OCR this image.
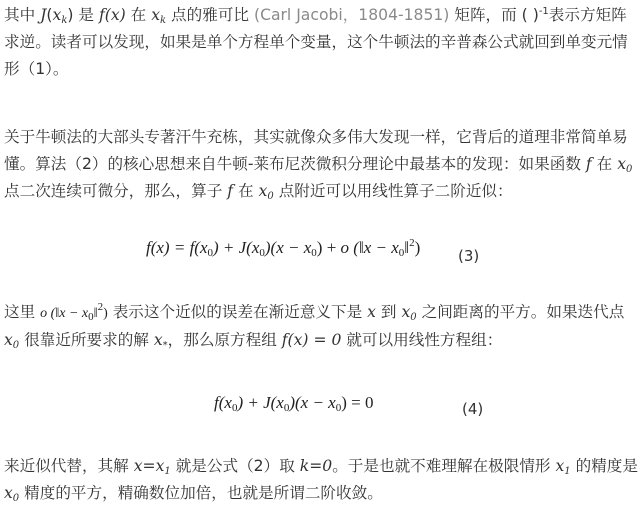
其中 $J(x_k)$ 是 f(x) 在 $x_k$ 点的雅可比 (Carl Jacobi，1804-1851) 矩阵，而 ( )$^{-1}$表示方矩阵求逆。读者可以发现，如果是单个方程单个变量，这个牛顿法的辛普森公式就回到单变元情形（1）。
关于牛顿法的大部头专著汗牛充栋，其实就像众多伟大发现一样，它背后的道理非常简单易懂。算法（2）的核心思想来自牛顿-莱布尼茨微积分理论中最基本的发现：如果函数 f 在 $x_0$ 点二次连续可微分，那么，算子 f 在 $x_0$ 点附近可以用线性算子二阶近似：
$f(x) = f(x_0) + J(x_0)(x - x_0) + o$ (‖x − $x_0‖^2$)	(3)
这里 o (‖x − $x_0‖^2$) 表示这个近似的误差在渐近意义下是 x 到 $x_0$ 之间距离的平方。如果迭代点 $x_0$ 很靠近所要求的解 $x_*$，那么原方程组 f(x) = 0 就可以用线性方程组：
$f(x_0) + J(x_0)(x - x_0) = 0$	(4)
来近似代替，其解 $x=x_1$ 就是公式（2）取 k=0。于是也就不难理解在极限情形 $x_1$ 的精度是 $x_0$ 精度的平方，精确数位加倍，也就是所谓二阶收敛。
